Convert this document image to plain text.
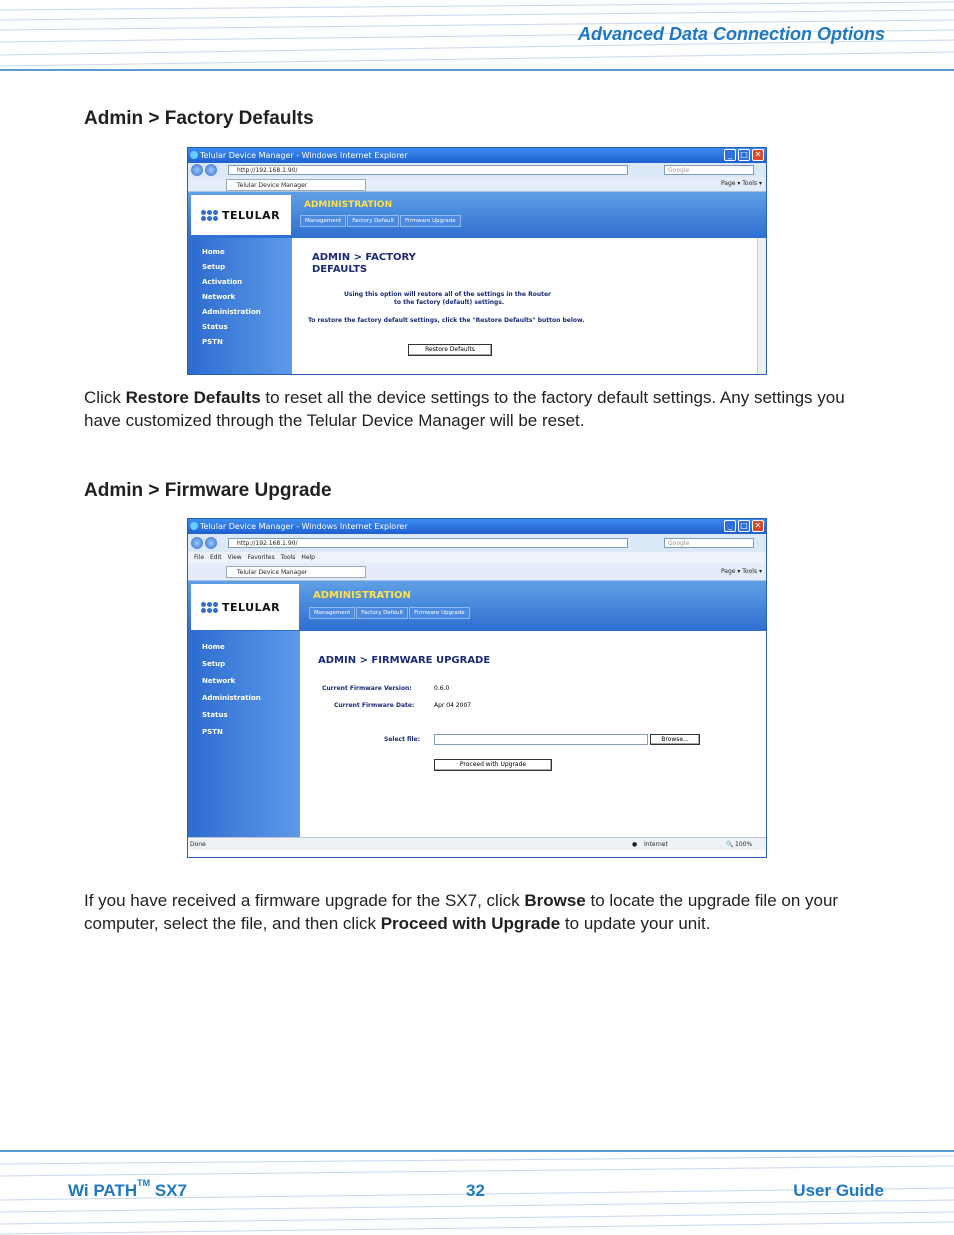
Advanced Data Connection Options
Admin > Factory Defaults
Telular Device Manager - Windows Internet Explorer	_	□ ✕
http://192.168.1.90/	Google
Telular Device Manager	Page ▾ Tools ▾
TELULAR
ADMINISTRATION
Management	Factory Default	Firmware Upgrade
Home
Setup
Activation
Network
Administration
Status
PSTN
ADMIN > FACTORY
DEFAULTS
Using this option will restore all of the settings in the Router
to the factory (default) settings.
To restore the factory default settings, click the "Restore Defaults" button below.
Restore Defaults
Click Restore Defaults to reset all the device settings to the factory default settings. Any settings you have customized through the Telular Device Manager will be reset.
Admin > Firmware Upgrade
Telular Device Manager - Windows Internet Explorer	_	□ ✕
http://192.168.1.90/	Google
File Edit View Favorites Tools Help
Telular Device Manager	Page ▾ Tools ▾
TELULAR
ADMINISTRATION
Management	Factory Default	Firmware Upgrade
Home
Setup
Network
Administration
Status
PSTN
ADMIN > FIRMWARE UPGRADE
Current Firmware Version:	0.6.0
Current Firmware Date:	Apr 04 2007
Select file:	Browse...
Proceed with Upgrade
Done	● Internet	🔍 100%
If you have received a firmware upgrade for the SX7, click Browse to locate the upgrade file on your computer, select the file, and then click Proceed with Upgrade to update your unit.
Wi PATH™ SX7	32	User Guide
